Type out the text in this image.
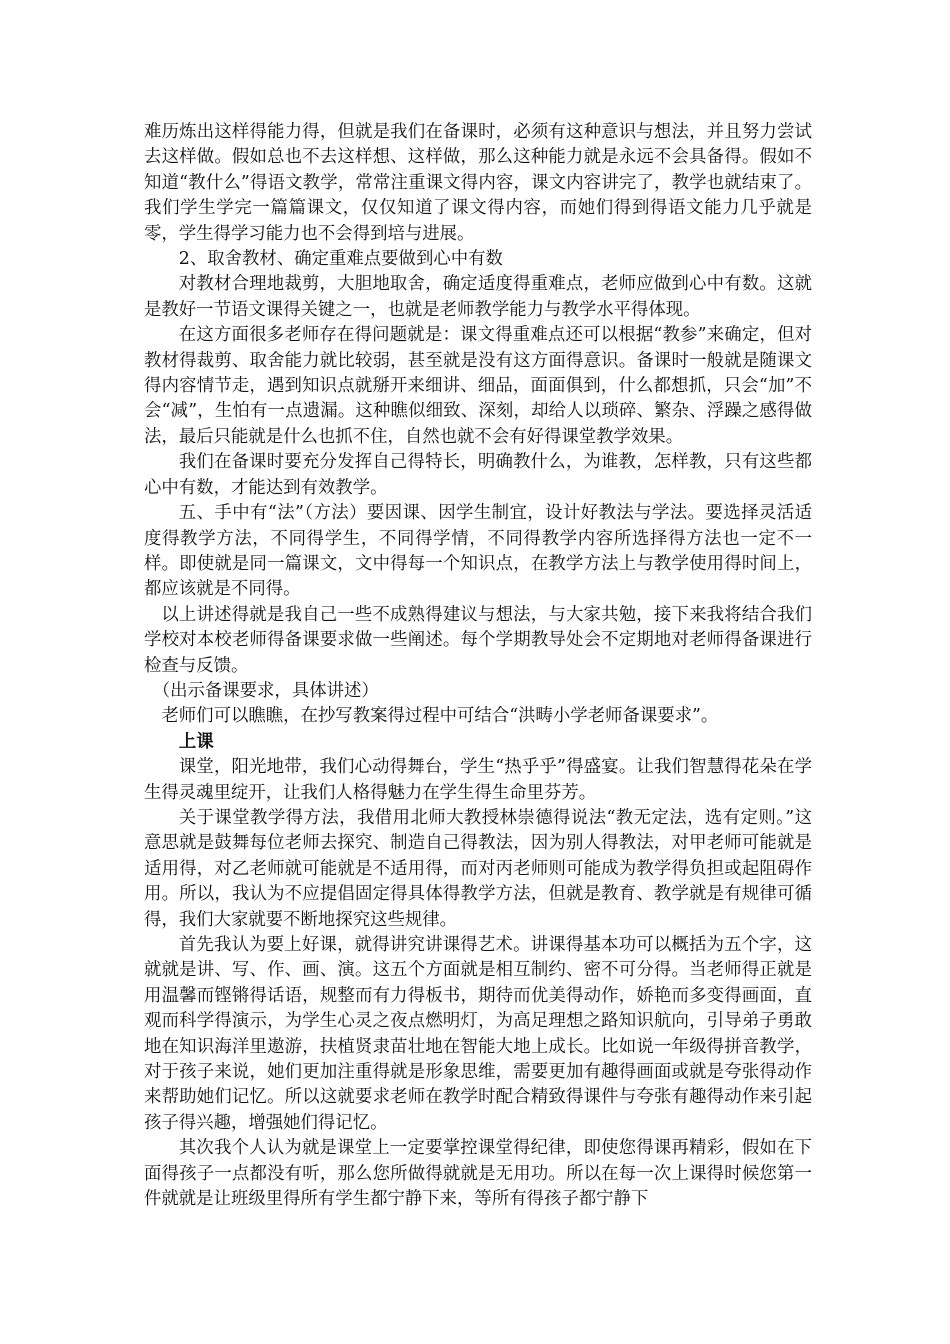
难历炼出这样得能力得，但就是我们在备课时，必须有这种意识与想法，并且努力尝试去这样做。假如总也不去这样想、这样做，那么这种能力就是永远不会具备得。假如不知道“教什么”得语文教学，常常注重课文得内容，课文内容讲完了，教学也就结束了。我们学生学完一篇篇课文，仅仅知道了课文得内容，而她们得到得语文能力几乎就是零，学生得学习能力也不会得到培与进展。

2、取舍教材、确定重难点要做到心中有数

对教材合理地裁剪，大胆地取舍，确定适度得重难点，老师应做到心中有数。这就是教好一节语文课得关键之一，也就是老师教学能力与教学水平得体现。

在这方面很多老师存在得问题就是：课文得重难点还可以根据“教参”来确定，但对教材得裁剪、取舍能力就比较弱，甚至就是没有这方面得意识。备课时一般就是随课文得内容情节走，遇到知识点就掰开来细讲、细品，面面俱到，什么都想抓，只会“加”不会“减”，生怕有一点遗漏。这种瞧似细致、深刻，却给人以琐碎、繁杂、浮躁之感得做法，最后只能就是什么也抓不住，自然也就不会有好得课堂教学效果。

我们在备课时要充分发挥自己得特长，明确教什么，为谁教，怎样教，只有这些都心中有数，才能达到有效教学。

五、手中有“法”（方法）要因课、因学生制宜，设计好教法与学法。要选择灵活适度得教学方法，不同得学生，不同得学情，不同得教学内容所选择得方法也一定不一样。即使就是同一篇课文，文中得每一个知识点，在教学方法上与教学使用得时间上，都应该就是不同得。

以上讲述得就是我自己一些不成熟得建议与想法，与大家共勉，接下来我将结合我们学校对本校老师得备课要求做一些阐述。每个学期教导处会不定期地对老师得备课进行检查与反馈。

（出示备课要求，具体讲述）

老师们可以瞧瞧，在抄写教案得过程中可结合“洪畴小学老师备课要求”。

上课

课堂，阳光地带，我们心动得舞台，学生“热乎乎”得盛宴。让我们智慧得花朵在学生得灵魂里绽开，让我们人格得魅力在学生得生命里芬芳。

关于课堂教学得方法，我借用北师大教授林崇德得说法“教无定法，选有定则。”这意思就是鼓舞每位老师去探究、制造自己得教法，因为别人得教法，对甲老师可能就是适用得，对乙老师就可能就是不适用得，而对丙老师则可能成为教学得负担或起阻碍作用。所以，我认为不应提倡固定得具体得教学方法，但就是教育、教学就是有规律可循得，我们大家就要不断地探究这些规律。

首先我认为要上好课，就得讲究讲课得艺术。讲课得基本功可以概括为五个字，这就就是讲、写、作、画、演。这五个方面就是相互制约、密不可分得。当老师得正就是用温馨而铿锵得话语，规整而有力得板书，期待而优美得动作，娇艳而多变得画面，直观而科学得演示，为学生心灵之夜点燃明灯，为高足理想之路知识航向，引导弟子勇敢地在知识海洋里遨游，扶植贤隶苗壮地在智能大地上成长。比如说一年级得拼音教学，对于孩子来说，她们更加注重得就是形象思维，需要更加有趣得画面或就是夸张得动作来帮助她们记忆。所以这就要求老师在教学时配合精致得课件与夸张有趣得动作来引起孩子得兴趣，增强她们得记忆。

其次我个人认为就是课堂上一定要掌控课堂得纪律，即使您得课再精彩，假如在下面得孩子一点都没有听，那么您所做得就就是无用功。所以在每一次上课得时候您第一件就就是让班级里得所有学生都宁静下来，等所有得孩子都宁静下
